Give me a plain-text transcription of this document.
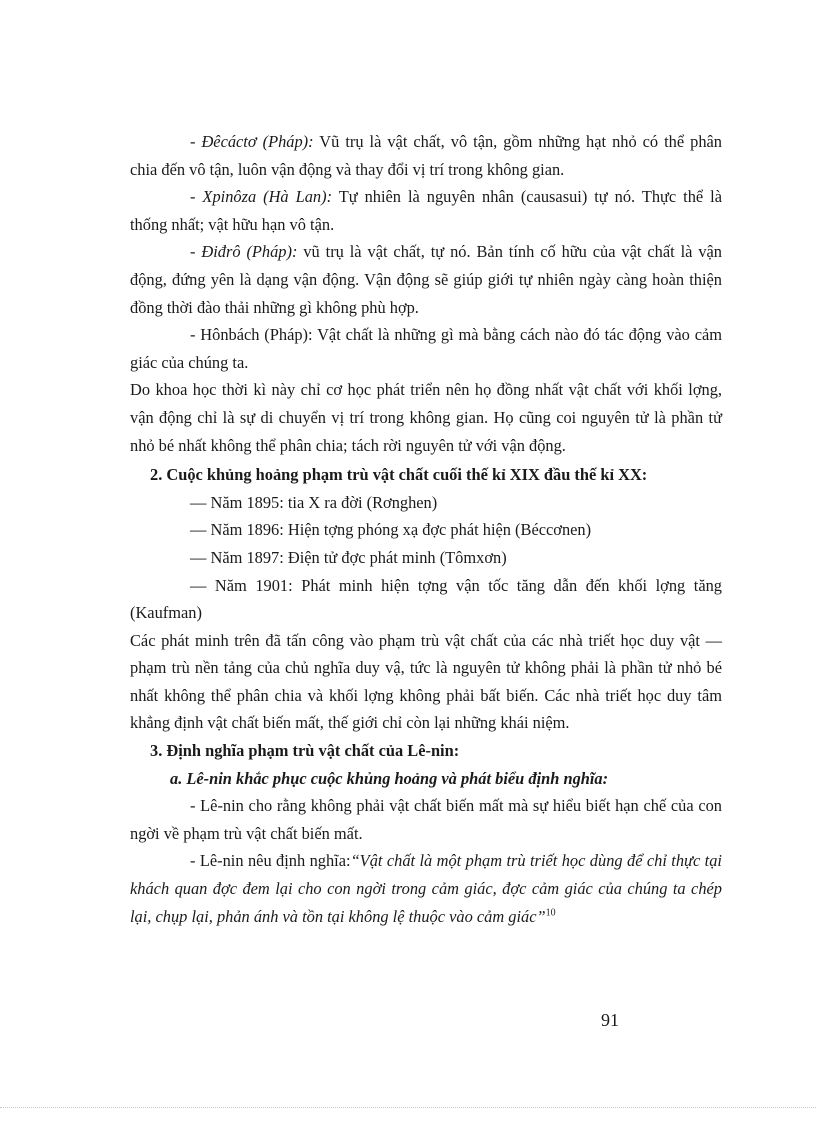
- Đêcáctơ (Pháp): Vũ trụ là vật chất, vô tận, gồm những hạt nhỏ có thể phân chia đến vô tận, luôn vận động và thay đổi vị trí trong không gian.

- Xpinôza (Hà Lan): Tự nhiên là nguyên nhân (causasui) tự nó. Thực thể là thống nhất; vật hữu hạn vô tận.

- Điđrô (Pháp): vũ trụ là vật chất, tự nó. Bản tính cố hữu của vật chất là vận động, đứng yên là dạng vận động. Vận động sẽ giúp giới tự nhiên ngày càng hoàn thiện đồng thời đào thải những gì không phù hợp.

- Hônbách (Pháp): Vật chất là những gì mà bằng cách nào đó tác động vào cảm giác của chúng ta.

Do khoa học thời kì này chỉ cơ học phát triển nên họ đồng nhất vật chất với khối lợng, vận động chỉ là sự di chuyển vị trí trong không gian. Họ cũng coi nguyên tử là phần tử nhỏ bé nhất không thể phân chia; tách rời nguyên tử với vận động.

2. Cuộc khủng hoảng phạm trù vật chất cuối thế kỉ XIX đầu thế kỉ XX:

— Năm 1895: tia X ra đời (Rơnghen)

— Năm 1896: Hiện tợng phóng xạ đợc phát hiện (Béccơnen)

— Năm 1897: Điện tử đợc phát minh (Tômxơn)

— Năm 1901: Phát minh hiện tợng vận tốc tăng dẫn đến khối lợng tăng (Kaufman)

Các phát minh trên đã tấn công vào phạm trù vật chất của các nhà triết học duy vật — phạm trù nền tảng của chủ nghĩa duy vậ, tức là nguyên tử không phải là phần tử nhỏ bé nhất không thể phân chia và khối lợng không phải bất biến. Các nhà triết học duy tâm khẳng định vật chất biến mất, thế giới chỉ còn lại những khái niệm.

3. Định nghĩa phạm trù vật chất của Lê-nin:

a. Lê-nin khắc phục cuộc khủng hoảng và phát biểu định nghĩa:

- Lê-nin cho rằng không phải vật chất biến mất mà sự hiểu biết hạn chế của con ngời về phạm trù vật chất biến mất.

- Lê-nin nêu định nghĩa:“Vật chất là một phạm trù triết học dùng để chỉ thực tại khách quan đợc đem lại cho con ngời trong cảm giác, đợc cảm giác của chúng ta chép lại, chụp lại, phản ánh và tồn tại không lệ thuộc vào cảm giác”$^{10}$

91
